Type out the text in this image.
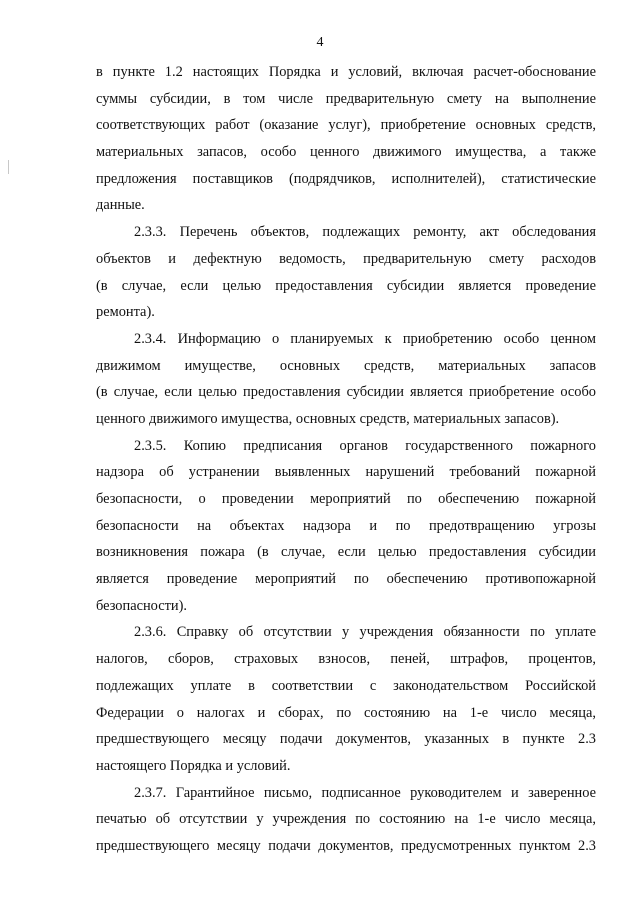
4
в пункте 1.2 настоящих Порядка и условий, включая расчет-обоснование
суммы субсидии, в том числе предварительную смету на выполнение
соответствующих работ (оказание услуг), приобретение основных средств,
материальных запасов, особо ценного движимого имущества, а также
предложения поставщиков (подрядчиков, исполнителей), статистические
данные.
2.3.3. Перечень объектов, подлежащих ремонту, акт обследования
объектов и дефектную ведомость, предварительную смету расходов
(в случае, если целью предоставления субсидии является проведение
ремонта).
2.3.4. Информацию о планируемых к приобретению особо ценном
движимом имуществе, основных средств, материальных запасов
(в случае, если целью предоставления субсидии является приобретение особо
ценного движимого имущества, основных средств, материальных запасов).
2.3.5. Копию предписания органов государственного пожарного
надзора об устранении выявленных нарушений требований пожарной
безопасности, о проведении мероприятий по обеспечению пожарной
безопасности на объектах надзора и по предотвращению угрозы
возникновения пожара (в случае, если целью предоставления субсидии
является проведение мероприятий по обеспечению противопожарной
безопасности).
2.3.6. Справку об отсутствии у учреждения обязанности по уплате
налогов, сборов, страховых взносов, пеней, штрафов, процентов,
подлежащих уплате в соответствии с законодательством Российской
Федерации о налогах и сборах, по состоянию на 1-е число месяца,
предшествующего месяцу подачи документов, указанных в пункте 2.3
настоящего Порядка и условий.
2.3.7. Гарантийное письмо, подписанное руководителем и заверенное
печатью об отсутствии у учреждения по состоянию на 1-е число месяца,
предшествующего месяцу подачи документов, предусмотренных пунктом 2.3
